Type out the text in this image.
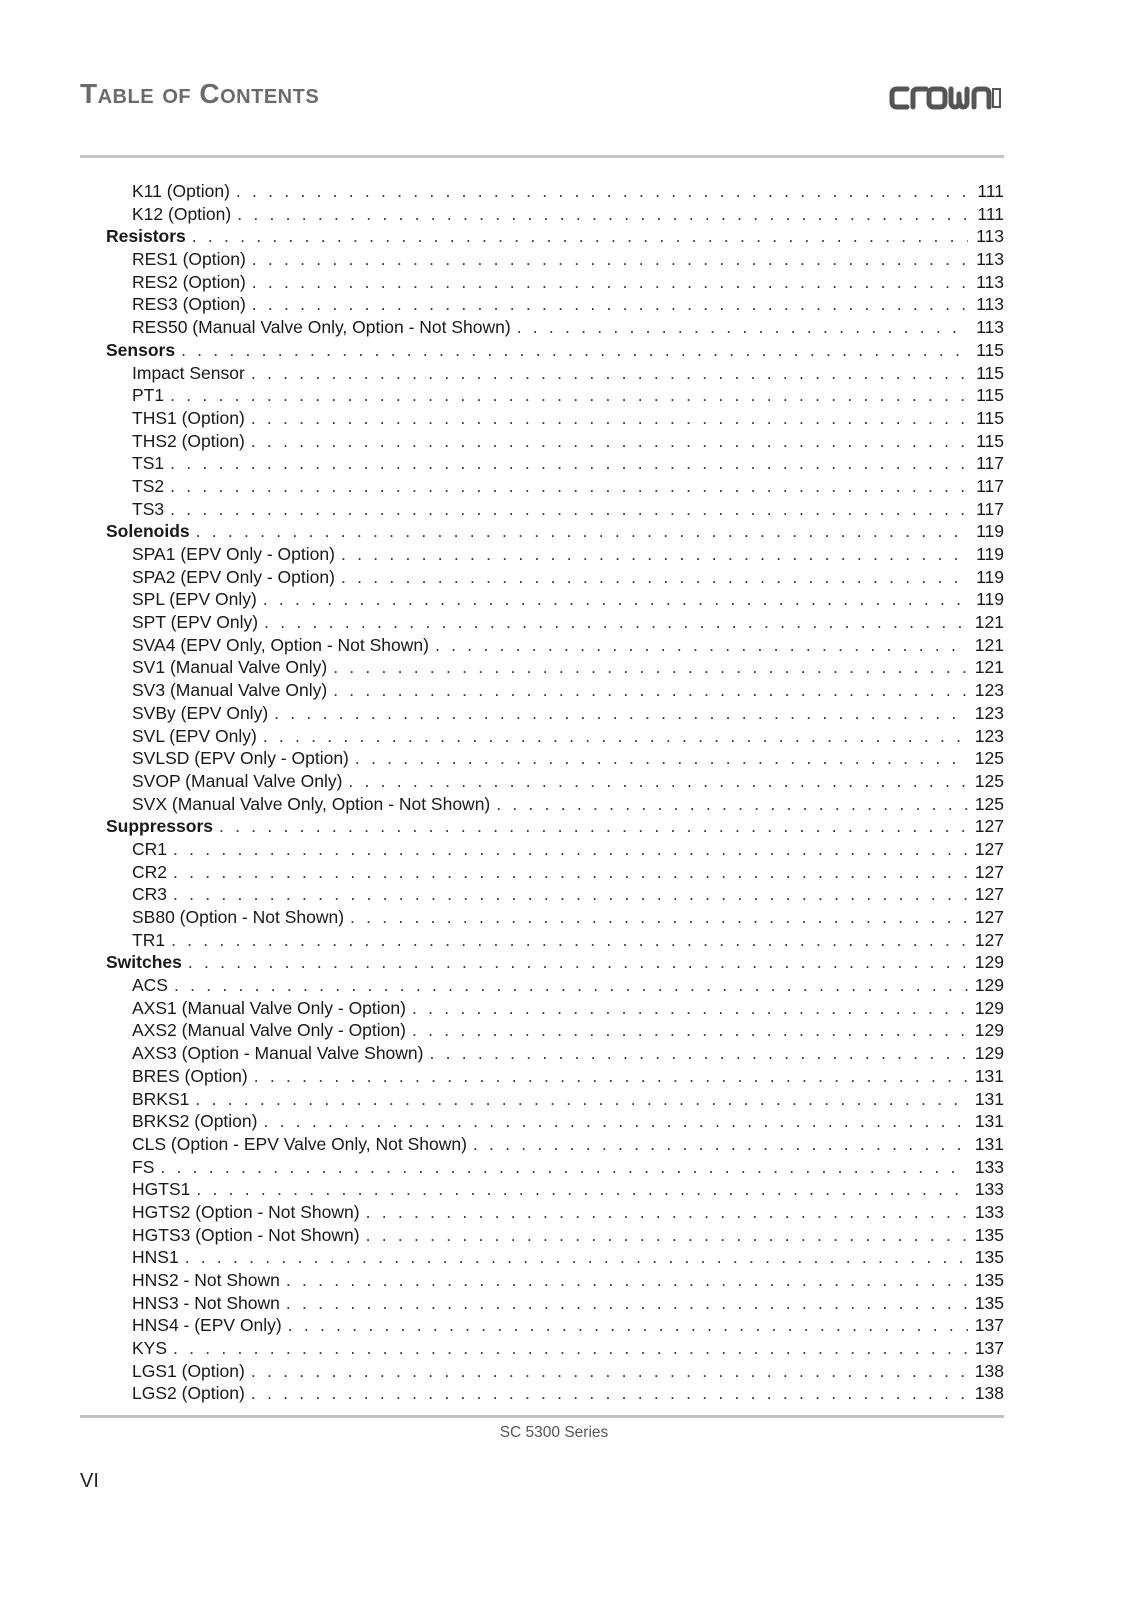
Table of Contents
K11 (Option) . . .	111
K12 (Option) . . .	111
Resistors . . .	113
RES1 (Option) . . .	113
RES2 (Option) . . .	113
RES3 (Option) . . .	113
RES50 (Manual Valve Only, Option - Not Shown) . . .	113
Sensors . . .	115
Impact Sensor . . .	115
PT1 . . .	115
THS1 (Option) . . .	115
THS2 (Option) . . .	115
TS1 . . .	117
TS2 . . .	117
TS3 . . .	117
Solenoids . . .	119
SPA1 (EPV Only - Option) . . .	119
SPA2 (EPV Only - Option) . . .	119
SPL (EPV Only) . . .	119
SPT (EPV Only) . . .	121
SVA4 (EPV Only, Option - Not Shown) . . .	121
SV1 (Manual Valve Only) . . .	121
SV3 (Manual Valve Only) . . .	123
SVBy (EPV Only) . . .	123
SVL (EPV Only) . . .	123
SVLSD (EPV Only - Option) . . .	125
SVOP (Manual Valve Only) . . .	125
SVX (Manual Valve Only, Option - Not Shown) . . .	125
Suppressors . . .	127
CR1 . . .	127
CR2 . . .	127
CR3 . . .	127
SB80 (Option - Not Shown) . . .	127
TR1 . . .	127
Switches . . .	129
ACS . . .	129
AXS1 (Manual Valve Only - Option) . . .	129
AXS2 (Manual Valve Only - Option) . . .	129
AXS3 (Option - Manual Valve Shown) . . .	129
BRES (Option) . . .	131
BRKS1 . . .	131
BRKS2 (Option) . . .	131
CLS (Option - EPV Valve Only, Not Shown) . . .	131
FS . . .	133
HGTS1 . . .	133
HGTS2 (Option - Not Shown) . . .	133
HGTS3 (Option - Not Shown) . . .	135
HNS1 . . .	135
HNS2 - Not Shown . . .	135
HNS3 - Not Shown . . .	135
HNS4 - (EPV Only) . . .	137
KYS . . .	137
LGS1 (Option) . . .	138
LGS2 (Option) . . .	138
SC 5300 Series
VI
